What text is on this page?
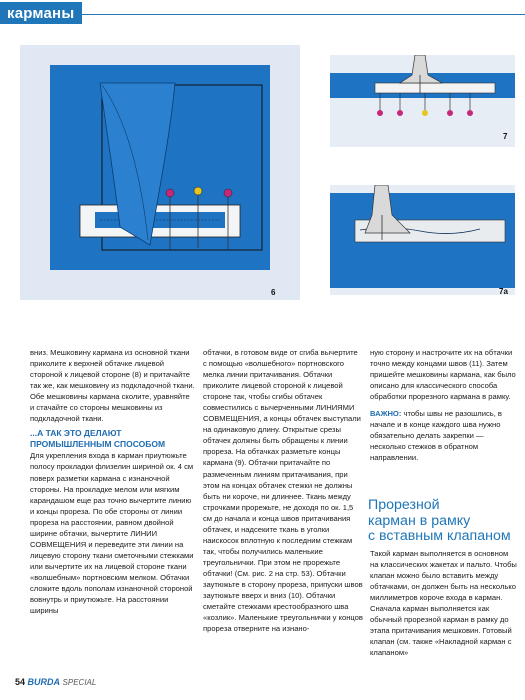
карманы
6
7
7а

вниз. Мешковину кармана из основной ткани приколите к верхней обтачке лицевой стороной к лицевой стороне (8) и притачайте так же, как мешковину из подкладочной ткани. Обе мешковины кармана сколите, уравняйте и стачайте со стороны мешковины из подкладочной ткани.

...А ТАК ЭТО ДЕЛАЮТ ПРОМЫШЛЕННЫМ СПОСОБОМ

Для укрепления входа в карман приутюжьте полосу прокладки флизелин шириной ок. 4 см поверх разметки кармана с изнаночной стороны. На прокладке мелом или мягким карандашом еще раз точно вычертите линию и концы прореза. По обе стороны от линии прореза на расстоянии, равном двойной ширине обтачки, вычертите ЛИНИИ СОВМЕЩЕНИЯ и переведите эти линии на лицевую сторону ткани сметочными стежками или вычертите их на лицевой стороне ткани «волшебным» портновским мелком. Обтачки сложите вдоль пополам изнаночной стороной вовнутрь и приутюжьте. На расстоянии ширины

обтачки, в готовом виде от сгиба вычертите с помощью «волшебного» портновского мелка линии притачивания. Обтачки приколите лицевой стороной к лицевой стороне так, чтобы сгибы обтачек совместились с вычерченными ЛИНИЯМИ СОВМЕЩЕНИЯ, а концы обтачек выступали на одинаковую длину. Открытые срезы обтачек должны быть обращены к линии прореза. На обтачках разметьте концы кармана (9). Обтачки притачайте по размеченным линиям притачивания, при этом на концах обтачек стежки не должны быть ни короче, ни длиннее. Ткань между строчками прорежьте, не доходя по ок. 1,5 см до начала и конца швов притачивания обтачек, и надсеките ткань в уголки наискосок вплотную к последним стежкам так, чтобы получились маленькие треугольнички. При этом не прорежьте обтачки! (См. рис. 2 на стр. 53). Обтачки заутюжьте в сторону прореза, припуски швов заутюжьте вверх и вниз (10). Обтачки сметайте стежками крестообразного шва «козлик». Маленькие треугольнички у концов прореза отверните на изнано-

ную сторону и настрочите их на обтачки точно между концами швов (11). Затем пришейте мешковины кармана, как было описано для классического способа обработки прорезного кармана в рамку.

ВАЖНО: чтобы швы не разошлись, в начале и в конце каждого шва нужно обязательно делать закрепки — несколько стежков в обратном направлении.

Прорезной
карман в рамку
с вставным клапаном

Такой карман выполняется в основном на классических жакетах и пальто. Чтобы клапан можно было вставить между обтачками, он должен быть на несколько миллиметров короче входа в карман. Сначала карман выполняется как обычный прорезной карман в рамку до этапа притачивания мешковин. Готовый клапан (см. также «Накладной карман с клапаном»

54 BURDA SPECIAL
